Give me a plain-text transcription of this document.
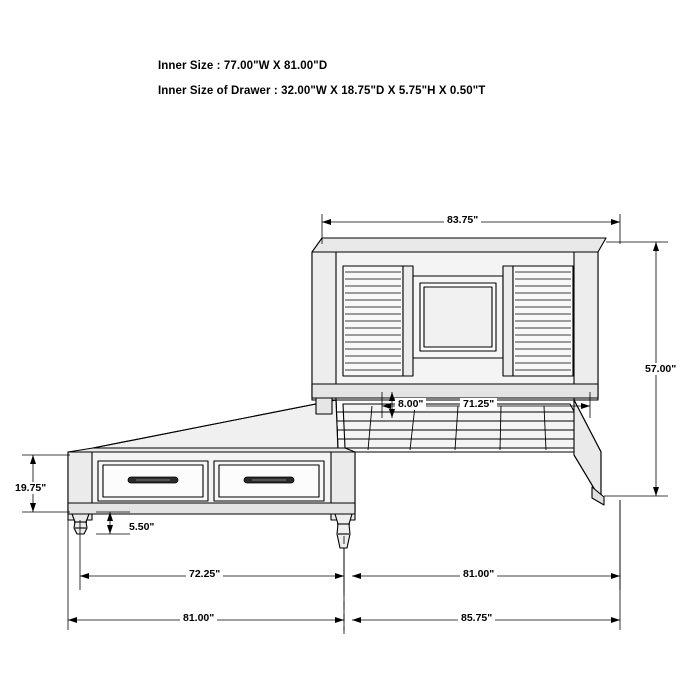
Inner Size : 77.00"W X 81.00"D
Inner Size of Drawer : 32.00"W X 18.75"D X 5.75"H X 0.50"T
83.75"
57.00"
71.25"
8.00"
19.75"
5.50"
72.25"	81.00"
81.00"	85.75"
